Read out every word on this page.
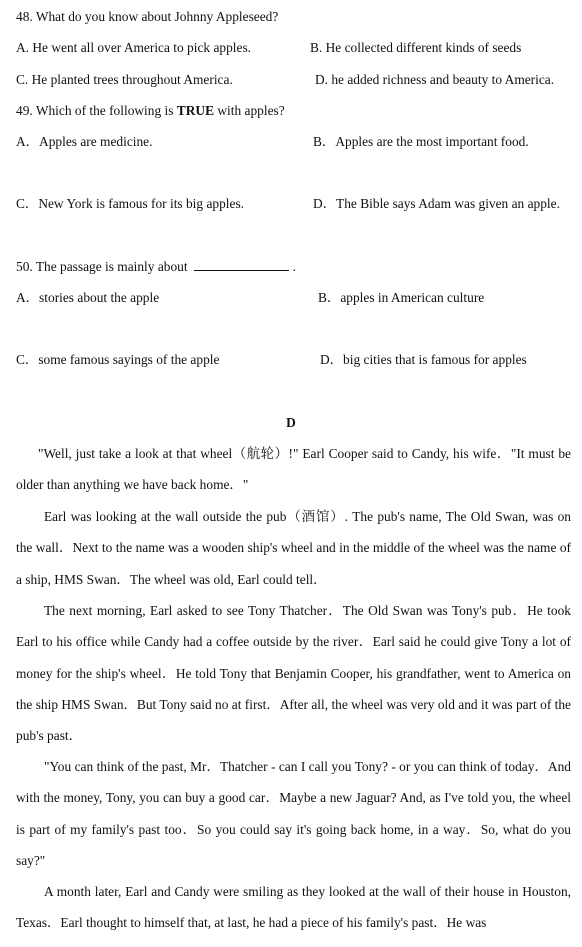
48. What do you know about Johnny Appleseed?
A. He went all over America to pick apples.	B. He collected different kinds of seeds
C. He planted trees throughout America.	D. he added richness and beauty to America.
49. Which of the following is TRUE with apples?
A．Apples are medicine.	B．Apples are the most important food.
C．New York is famous for its big apples.	D．The Bible says Adam was given an apple.
50. The passage is mainly about	.
A．stories about the apple	B．apples in American culture
C．some famous sayings of the apple	D．big cities that is famous for apples
D
"Well, just take a look at that wheel（航轮）!" Earl Cooper said to Candy, his wife．"It must be older than anything we have back home．"
Earl was looking at the wall outside the pub（酒馆）. The pub's name, The Old Swan, was on the wall．Next to the name was a wooden ship's wheel and in the middle of the wheel was the name of a ship, HMS Swan．The wheel was old, Earl could tell．
The next morning, Earl asked to see Tony Thatcher．The Old Swan was Tony's pub．He took Earl to his office while Candy had a coffee outside by the river．Earl said he could give Tony a lot of money for the ship's wheel．He told Tony that Benjamin Cooper, his grandfather, went to America on the ship HMS Swan．But Tony said no at first．After all, the wheel was very old and it was part of the pub's past．
"You can think of the past, Mr．Thatcher - can I call you Tony? - or you can think of today．And with the money, Tony, you can buy a good car．Maybe a new Jaguar? And, as I've told you, the wheel is part of my family's past too．So you could say it's going back home, in a way．So, what do you say?"
A month later, Earl and Candy were smiling as they looked at the wall of their house in Houston, Texas．Earl thought to himself that, at last, he had a piece of his family's past．He was
